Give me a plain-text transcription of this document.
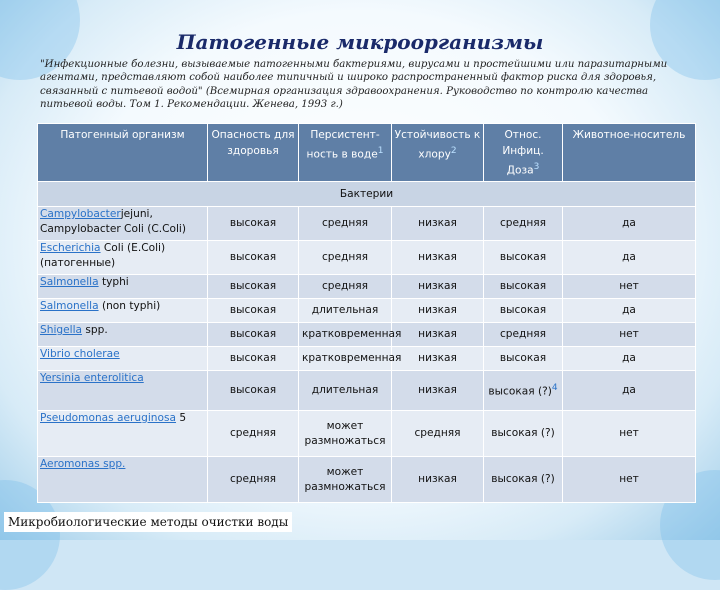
Патогенные микроорганизмы

"Инфекционные болезни, вызываемые патогенными бактериями, вирусами и простейшими или паразитарными агентами, представляют собой наиболее типичный и широко распространенный фактор риска для здоровья, связанный с питьевой водой" (Всемирная организация здравоохранения. Руководство по контролю качества питьевой воды. Том 1. Рекомендации. Женева, 1993 г.)

Патогенный организм	Опасность для здоровья	Персистент-ность в воде$^1$	Устойчивость к хлору$^2$	Относ. Инфиц. Доза$^3$	Животное-носитель
Бактерии					
Campylobacterjejuni, Campylobacter Coli (C.Coli)	высокая	средняя	низкая	средняя	да
Escherichia Coli (E.Coli) (патогенные)	высокая	средняя	низкая	высокая	да
Salmonella typhi	высокая	средняя	низкая	высокая	нет
Salmonella (non typhi)	высокая	длительная	низкая	высокая	да
Shigella spp.	высокая	кратковременная	низкая	средняя	нет
Vibrio cholerae	высокая	кратковременная	низкая	высокая	да
Yersinia enterolitica	высокая	длительная	низкая	высокая (?)$^4$	да
Pseudomonas aeruginosa 5	средняя	может размножаться	средняя	высокая (?)	нет
Aeromonas spp.	средняя	может размножаться	низкая	высокая (?)	нет

Микробиологические методы очистки воды
